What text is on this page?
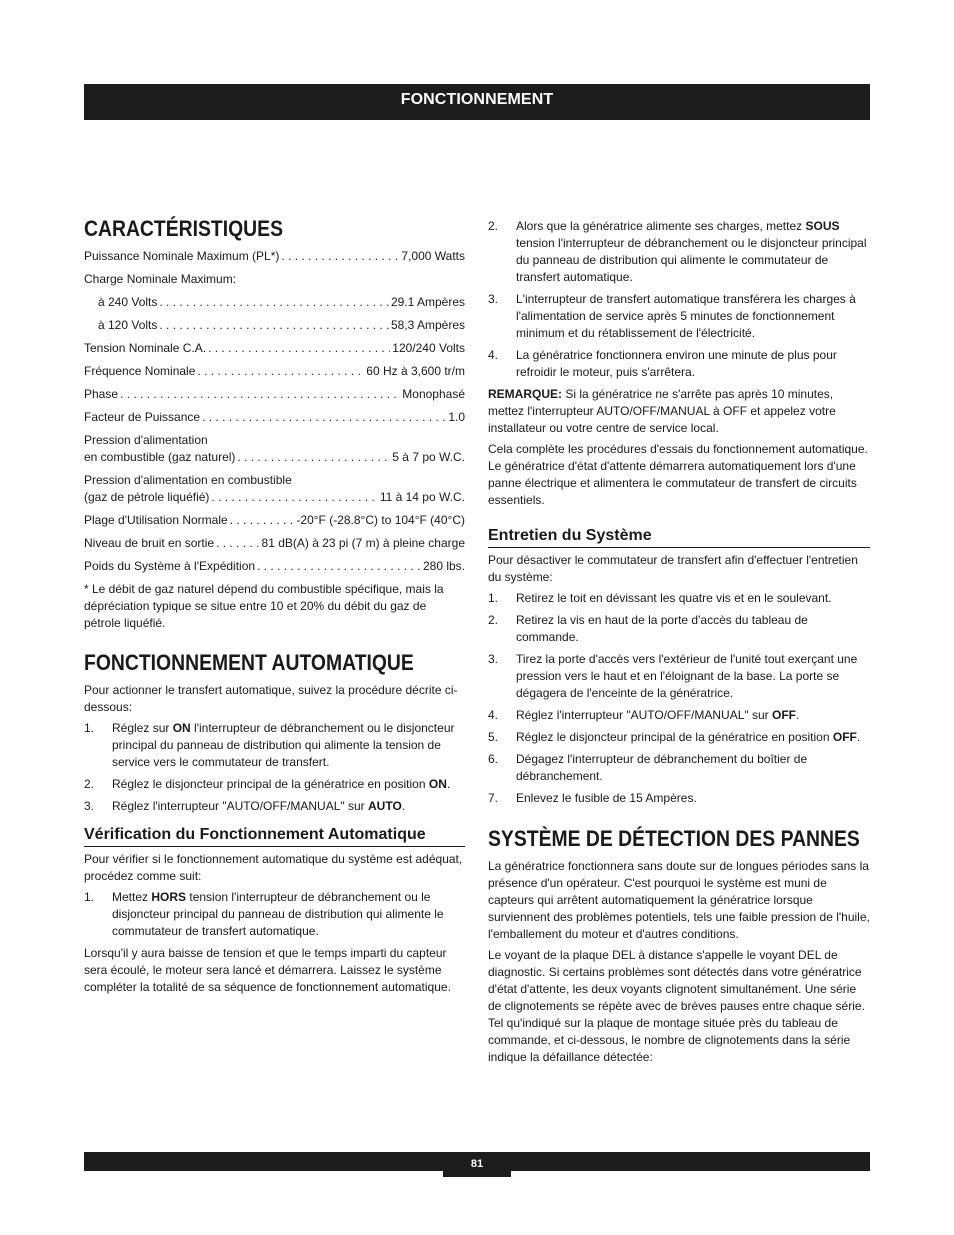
FONCTIONNEMENT
CARACTÉRISTIQUES
Puissance Nominale Maximum (PL*) . . .	7,000 Watts
Charge Nominale Maximum:
à 240 Volts . . .	29.1 Ampères
à 120 Volts . . .	58,3 Ampères
Tension Nominale C.A. . . .	120/240 Volts
Fréquence Nominale . . .	60 Hz à 3,600 tr/m
Phase . . .	Monophasé
Facteur de Puissance . . .	1.0
Pression d'alimentation
en combustible (gaz naturel) . . .	5 à 7 po W.C.
Pression d'alimentation en combustible
(gaz de pétrole liquéfié) . . .	11 à 14 po W.C.
Plage d'Utilisation Normale . . .	-20°F (-28.8°C) to 104°F (40°C)
Niveau de bruit en sortie . . .	81 dB(A) à 23 pi (7 m) à pleine charge
Poids du Système à l'Expédition . . .	280 lbs.

* Le débit de gaz naturel dépend du combustible spécifique, mais la dépréciation typique se situe entre 10 et 20% du débit du gaz de pétrole liquéfié.

FONCTIONNEMENT AUTOMATIQUE

Pour actionner le transfert automatique, suivez la procédure décrite ci-dessous:

1. Réglez sur ON l'interrupteur de débranchement ou le disjoncteur principal du panneau de distribution qui alimente la tension de service vers le commutateur de transfert.
2. Réglez le disjoncteur principal de la génératrice en position ON.
3. Réglez l'interrupteur "AUTO/OFF/MANUAL" sur AUTO.
Vérification du Fonctionnement Automatique

Pour vérifier si le fonctionnement automatique du système est adéquat, procédez comme suit:

1. Mettez HORS tension l'interrupteur de débranchement ou le disjoncteur principal du panneau de distribution qui alimente le commutateur de transfert automatique.

Lorsqu'il y aura baisse de tension et que le temps imparti du capteur sera écoulé, le moteur sera lancé et démarrera. Laissez le système compléter la totalité de sa séquence de fonctionnement automatique.

2. Alors que la génératrice alimente ses charges, mettez SOUS tension l'interrupteur de débranchement ou le disjoncteur principal du panneau de distribution qui alimente le commutateur de transfert automatique.
3. L'interrupteur de transfert automatique transférera les charges à l'alimentation de service après 5 minutes de fonctionnement minimum et du rétablissement de l'électricité.
4. La génératrice fonctionnera environ une minute de plus pour refroidir le moteur, puis s'arrêtera.

REMARQUE: Si la génératrice ne s'arrête pas après 10 minutes, mettez l'interrupteur AUTO/OFF/MANUAL à OFF et appelez votre installateur ou votre centre de service local.

Cela complète les procédures d'essais du fonctionnement automatique. Le génératrice d'état d'attente démarrera automatiquement lors d'une panne électrique et alimentera le commutateur de transfert de circuits essentiels.

Entretien du Système

Pour désactiver le commutateur de transfert afin d'effectuer l'entretien du système:

1. Retirez le toit en dévissant les quatre vis et en le soulevant.
2. Retirez la vis en haut de la porte d'accès du tableau de commande.
3. Tirez la porte d'accès vers l'extérieur de l'unité tout exerçant une pression vers le haut et en l'éloignant de la base. La porte se dégagera de l'enceinte de la génératrice.
4. Réglez l'interrupteur "AUTO/OFF/MANUAL" sur OFF.
5. Réglez le disjoncteur principal de la génératrice en position OFF.
6. Dégagez l'interrupteur de débranchement du boîtier de débranchement.
7. Enlevez le fusible de 15 Ampères.
SYSTÈME DE DÉTECTION DES PANNES

La génératrice fonctionnera sans doute sur de longues périodes sans la présence d'un opérateur. C'est pourquoi le système est muni de capteurs qui arrêtent automatiquement la génératrice lorsque surviennent des problèmes potentiels, tels une faible pression de l'huile, l'emballement du moteur et d'autres conditions.

Le voyant de la plaque DEL à distance s'appelle le voyant DEL de diagnostic. Si certains problèmes sont détectés dans votre génératrice d'état d'attente, les deux voyants clignotent simultanément. Une série de clignotements se répète avec de brèves pauses entre chaque série. Tel qu'indiqué sur la plaque de montage située près du tableau de commande, et ci-dessous, le nombre de clignotements dans la série indique la défaillance détectée:

81
